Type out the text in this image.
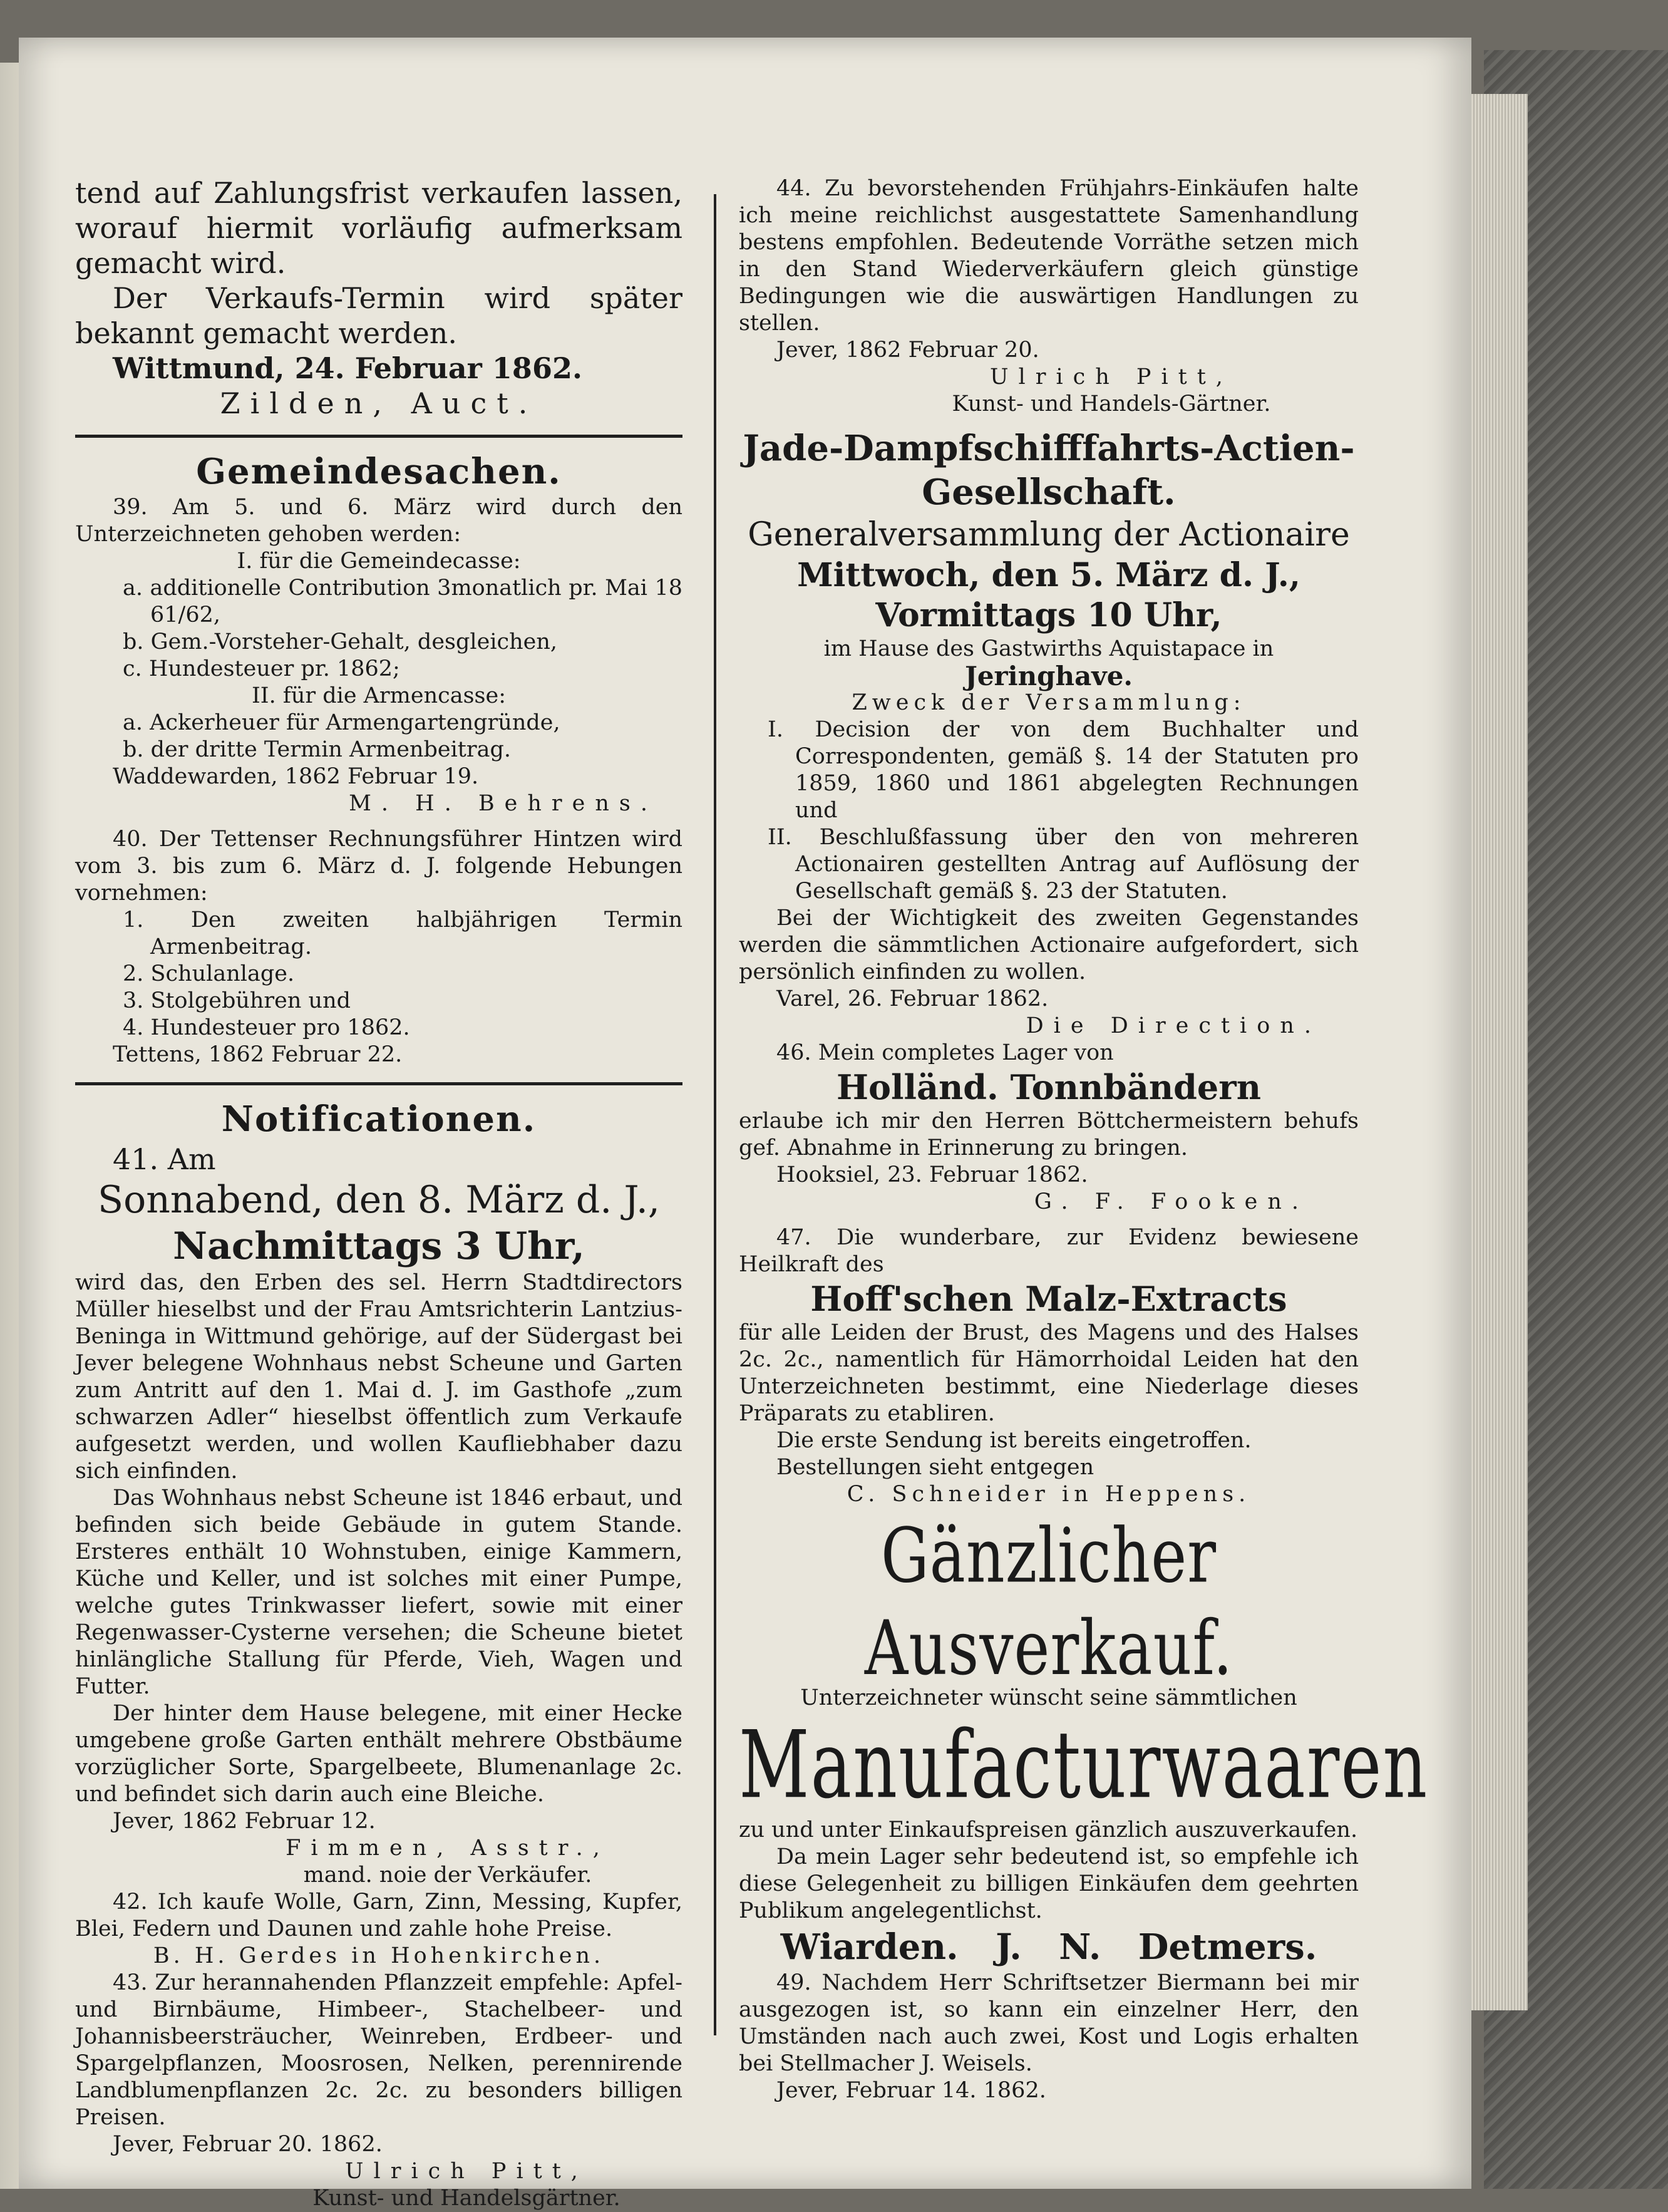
tend auf Zahlungsfrist verkaufen lassen, worauf hiermit vorläufig aufmerksam gemacht wird.

Der Verkaufs-Termin wird später bekannt gemacht werden.

Wittmund, 24. Februar 1862.

Zilden, Auct.

Gemeindesachen.

39. Am 5. und 6. März wird durch den Unterzeichneten gehoben werden:

I. für die Gemeindecasse:

a. additionelle Contribution 3monatlich pr. Mai 18 61/62,

b. Gem.-Vorsteher-Gehalt, desgleichen,

c. Hundesteuer pr. 1862;

II. für die Armencasse:

a. Ackerheuer für Armengartengründe,

b. der dritte Termin Armenbeitrag.

Waddewarden, 1862 Februar 19.

M. H. Behrens.

40. Der Tettenser Rechnungsführer Hintzen wird vom 3. bis zum 6. März d. J. folgende Hebungen vornehmen:

1. Den zweiten halbjährigen Termin Armenbeitrag.

2. Schulanlage.

3. Stolgebühren und

4. Hundesteuer pro 1862.

Tettens, 1862 Februar 22.

Notificationen.

41. Am

Sonnabend, den 8. März d. J.,
Nachmittags 3 Uhr,

wird das, den Erben des sel. Herrn Stadtdirectors Müller hieselbst und der Frau Amtsrichterin Lantzius-Beninga in Wittmund gehörige, auf der Südergast bei Jever belegene Wohnhaus nebst Scheune und Garten zum Antritt auf den 1. Mai d. J. im Gasthofe „zum schwarzen Adler“ hieselbst öffentlich zum Verkaufe aufgesetzt werden, und wollen Kaufliebhaber dazu sich einfinden.

Das Wohnhaus nebst Scheune ist 1846 erbaut, und befinden sich beide Gebäude in gutem Stande. Ersteres enthält 10 Wohnstuben, einige Kammern, Küche und Keller, und ist solches mit einer Pumpe, welche gutes Trinkwasser liefert, sowie mit einer Regenwasser-Cysterne versehen; die Scheune bietet hinlängliche Stallung für Pferde, Vieh, Wagen und Futter.

Der hinter dem Hause belegene, mit einer Hecke umgebene große Garten enthält mehrere Obstbäume vorzüglicher Sorte, Spargelbeete, Blumenanlage 2c. und befindet sich darin auch eine Bleiche.

Jever, 1862 Februar 12.

Fimmen, Asstr.,

mand. noie der Verkäufer.

42. Ich kaufe Wolle, Garn, Zinn, Messing, Kupfer, Blei, Federn und Daunen und zahle hohe Preise.

B. H. Gerdes in Hohenkirchen.

43. Zur herannahenden Pflanzzeit empfehle: Apfel- und Birnbäume, Himbeer-, Stachelbeer- und Johannisbeersträucher, Weinreben, Erdbeer- und Spargelpflanzen, Moosrosen, Nelken, perennirende Landblumenpflanzen 2c. 2c. zu besonders billigen Preisen.

Jever, Februar 20. 1862.

Ulrich Pitt,

Kunst- und Handelsgärtner.

44. Zu bevorstehenden Frühjahrs-Einkäufen halte ich meine reichlichst ausgestattete Samenhandlung bestens empfohlen. Bedeutende Vorräthe setzen mich in den Stand Wiederverkäufern gleich günstige Bedingungen wie die auswärtigen Handlungen zu stellen.

Jever, 1862 Februar 20.

Ulrich Pitt,

Kunst- und Handels-Gärtner.

Jade-Dampfschifffahrts-Actien-Gesellschaft.
Generalversammlung der Actionaire
Mittwoch, den 5. März d. J.,
Vormittags 10 Uhr,

im Hause des Gastwirths Aquistapace in

Jeringhave.

Zweck der Versammlung:

I. Decision der von dem Buchhalter und Correspondenten, gemäß §. 14 der Statuten pro 1859, 1860 und 1861 abgelegten Rechnungen und

II. Beschlußfassung über den von mehreren Actionairen gestellten Antrag auf Auflösung der Gesellschaft gemäß §. 23 der Statuten.

Bei der Wichtigkeit des zweiten Gegenstandes werden die sämmtlichen Actionaire aufgefordert, sich persönlich einfinden zu wollen.

Varel, 26. Februar 1862.

Die Direction.

46. Mein completes Lager von

Holländ. Tonnbändern

erlaube ich mir den Herren Böttchermeistern behufs gef. Abnahme in Erinnerung zu bringen.

Hooksiel, 23. Februar 1862.

G. F. Fooken.

47. Die wunderbare, zur Evidenz bewiesene Heilkraft des

Hoff'schen Malz-Extracts

für alle Leiden der Brust, des Magens und des Halses 2c. 2c., namentlich für Hämorrhoidal Leiden hat den Unterzeichneten bestimmt, eine Niederlage dieses Präparats zu etabliren.

Die erste Sendung ist bereits eingetroffen.

Bestellungen sieht entgegen

C. Schneider in Heppens.

Gänzlicher Ausverkauf.

Unterzeichneter wünscht seine sämmtlichen

Manufacturwaaren

zu und unter Einkaufspreisen gänzlich auszuverkaufen.

Da mein Lager sehr bedeutend ist, so empfehle ich diese Gelegenheit zu billigen Einkäufen dem geehrten Publikum angelegentlichst.

Wiarden. J. N. Detmers.

49. Nachdem Herr Schriftsetzer Biermann bei mir ausgezogen ist, so kann ein einzelner Herr, den Umständen nach auch zwei, Kost und Logis erhalten bei Stellmacher J. Weisels.

Jever, Februar 14. 1862.
